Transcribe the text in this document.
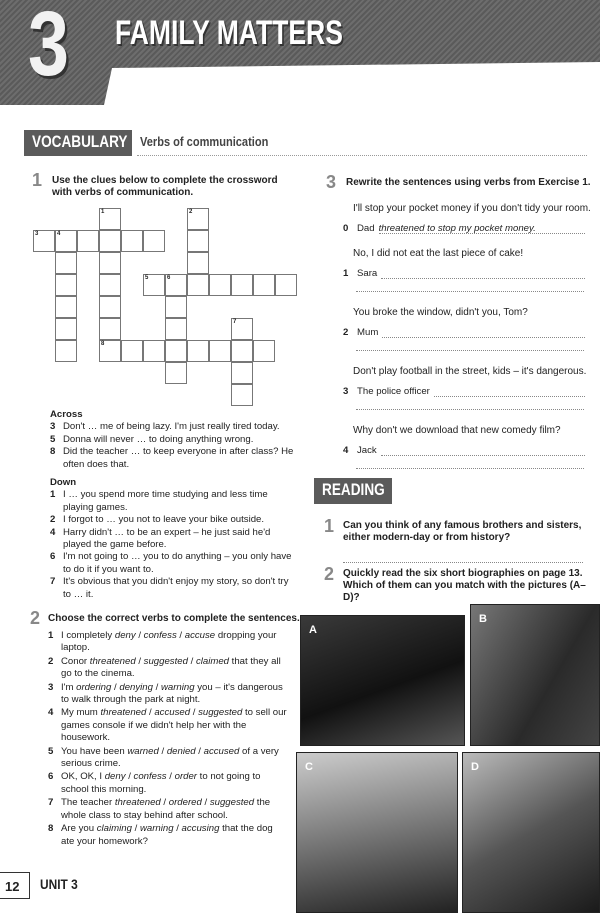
3 FAMILY MATTERS
VOCABULARY Verbs of communication
1 Use the clues below to complete the crossword with verbs of communication.
1	2
3	4
5	6
7
8
Across
3 Don't … me of being lazy. I'm just really tired today.
5 Donna will never … to doing anything wrong.
8 Did the teacher … to keep everyone in after class? He often does that.
Down
1 I … you spend more time studying and less time playing games.
2 I forgot to … you not to leave your bike outside.
4 Harry didn't … to be an expert – he just said he'd played the game before.
6 I'm not going to … you to do anything – you only have to do it if you want to.
7 It's obvious that you didn't enjoy my story, so don't try to … it.
2 Choose the correct verbs to complete the sentences.
1 I completely deny / confess / accuse dropping your laptop.
2 Conor threatened / suggested / claimed that they all go to the cinema.
3 I'm ordering / denying / warning you – it's dangerous to walk through the park at night.
4 My mum threatened / accused / suggested to sell our games console if we didn't help her with the housework.
5 You have been warned / denied / accused of a very serious crime.
6 OK, OK, I deny / confess / order to not going to school this morning.
7 The teacher threatened / ordered / suggested the whole class to stay behind after school.
8 Are you claiming / warning / accusing that the dog ate your homework?
3 Rewrite the sentences using verbs from Exercise 1.
I'll stop your pocket money if you don't tidy your room.
0 Dad threatened to stop my pocket money.
No, I did not eat the last piece of cake!
1 Sara
You broke the window, didn't you, Tom?
2 Mum
Don't play football in the street, kids – it's dangerous.
3 The police officer
Why don't we download that new comedy film?
4 Jack
READING
1 Can you think of any famous brothers and sisters, either modern-day or from history?
2 Quickly read the six short biographies on page 13. Which of them can you match with the pictures (A–D)?
A
B
C	D
12	UNIT 3
